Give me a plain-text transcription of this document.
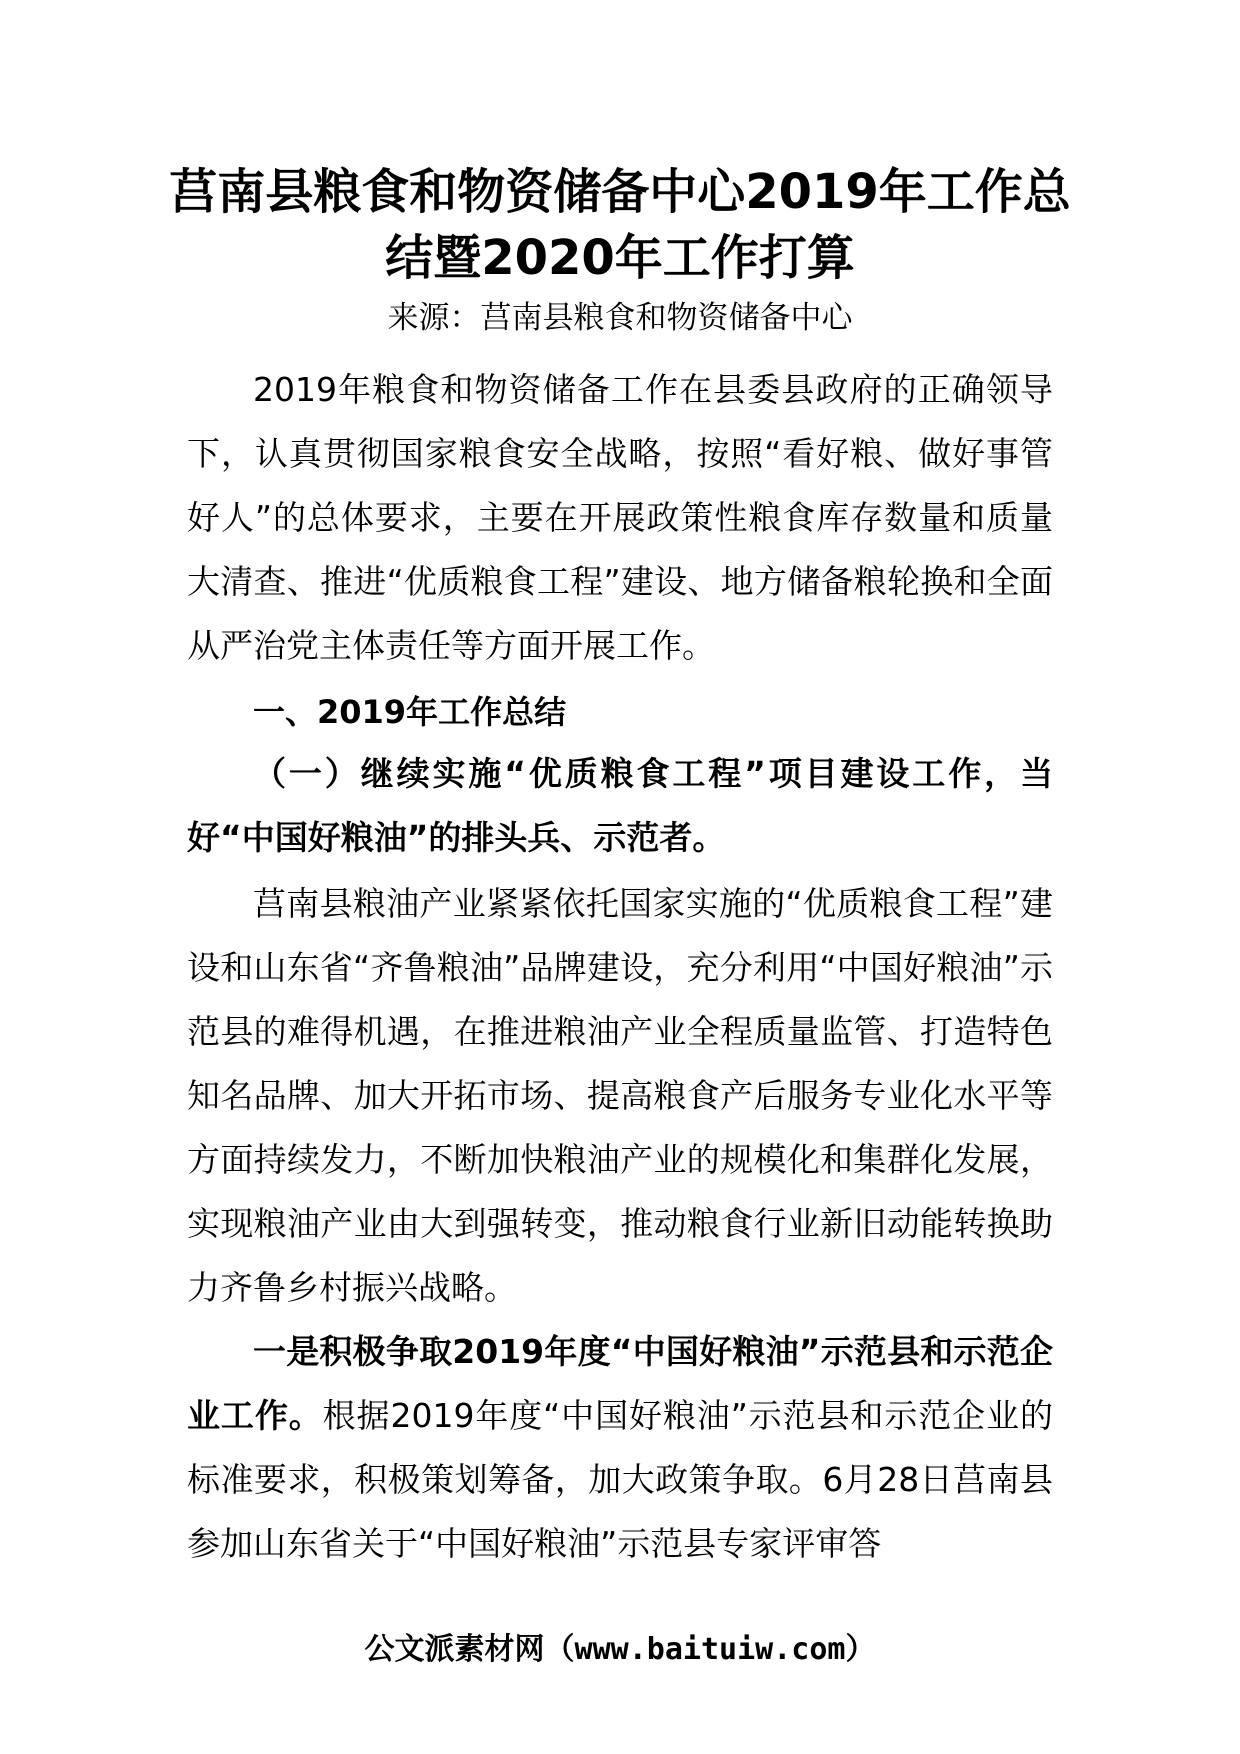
莒南县粮食和物资储备中心2019年工作总
结暨2020年工作打算

来源：莒南县粮食和物资储备中心

2019年粮食和物资储备工作在县委县政府的正确领导下，认真贯彻国家粮食安全战略，按照“看好粮、做好事管好人”的总体要求，主要在开展政策性粮食库存数量和质量大清查、推进“优质粮食工程”建设、地方储备粮轮换和全面从严治党主体责任等方面开展工作。

一、2019年工作总结

（一）继续实施“优质粮食工程”项目建设工作，当好“中国好粮油”的排头兵、示范者。

莒南县粮油产业紧紧依托国家实施的“优质粮食工程”建设和山东省“齐鲁粮油”品牌建设，充分利用“中国好粮油”示范县的难得机遇，在推进粮油产业全程质量监管、打造特色知名品牌、加大开拓市场、提高粮食产后服务专业化水平等方面持续发力，不断加快粮油产业的规模化和集群化发展，实现粮油产业由大到强转变，推动粮食行业新旧动能转换助力齐鲁乡村振兴战略。

一是积极争取2019年度“中国好粮油”示范县和示范企业工作。根据2019年度“中国好粮油”示范县和示范企业的标准要求，积极策划筹备，加大政策争取。6月28日莒南县参加山东省关于“中国好粮油”示范县专家评审答

公文派素材网（www.baituiw.com）
